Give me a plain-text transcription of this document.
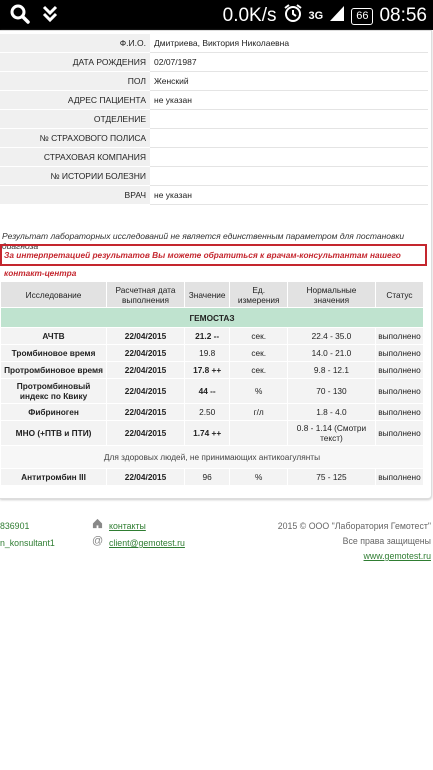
0.0K/s	3G	66 08:56
Ф.И.О.	Дмитриева, Виктория Николаевна
ДАТА РОЖДЕНИЯ	02/07/1987
ПОЛ	Женский
АДРЕС ПАЦИЕНТА	не указан
ОТДЕЛЕНИЕ	
№ СТРАХОВОГО ПОЛИСА	
СТРАХОВАЯ КОМПАНИЯ	
№ ИСТОРИИ БОЛЕЗНИ	
ВРАЧ	не указан
Результат лабораторных исследований не является единственным параметром для постановки диагноза
За интерпретацией результатов Вы можете обратиться к врачам-консультантам нашего контакт-центра
Исследование	Расчетная дата выполнения	Значение	Ед. измерения	Нормальные значения	Статус
ГЕМОСТАЗ					
АЧТВ	22/04/2015	21.2 --	сек.	22.4 - 35.0	выполнено
Тромбиновое время	22/04/2015	19.8	сек.	14.0 - 21.0	выполнено
Протромбиновое время	22/04/2015	17.8 ++	сек.	9.8 - 12.1	выполнено
Протромбиновый индекс по Квику	22/04/2015	44 --	%	70 - 130	выполнено
Фибриноген	22/04/2015	2.50	г/л	1.8 - 4.0	выполнено
МНО (+ПТВ и ПТИ)	22/04/2015	1.74 ++		0.8 - 1.14 (Смотри текст)	выполнено
Для здоровых людей, не принимающих антикоагулянты					
Антитромбин III	22/04/2015	96	%	75 - 125	выполнено
836901
n_konsultant1
контакты
@ client@gemotest.ru
2015 © ООО "Лаборатория Гемотест"
Все права защищены
www.gemotest.ru
